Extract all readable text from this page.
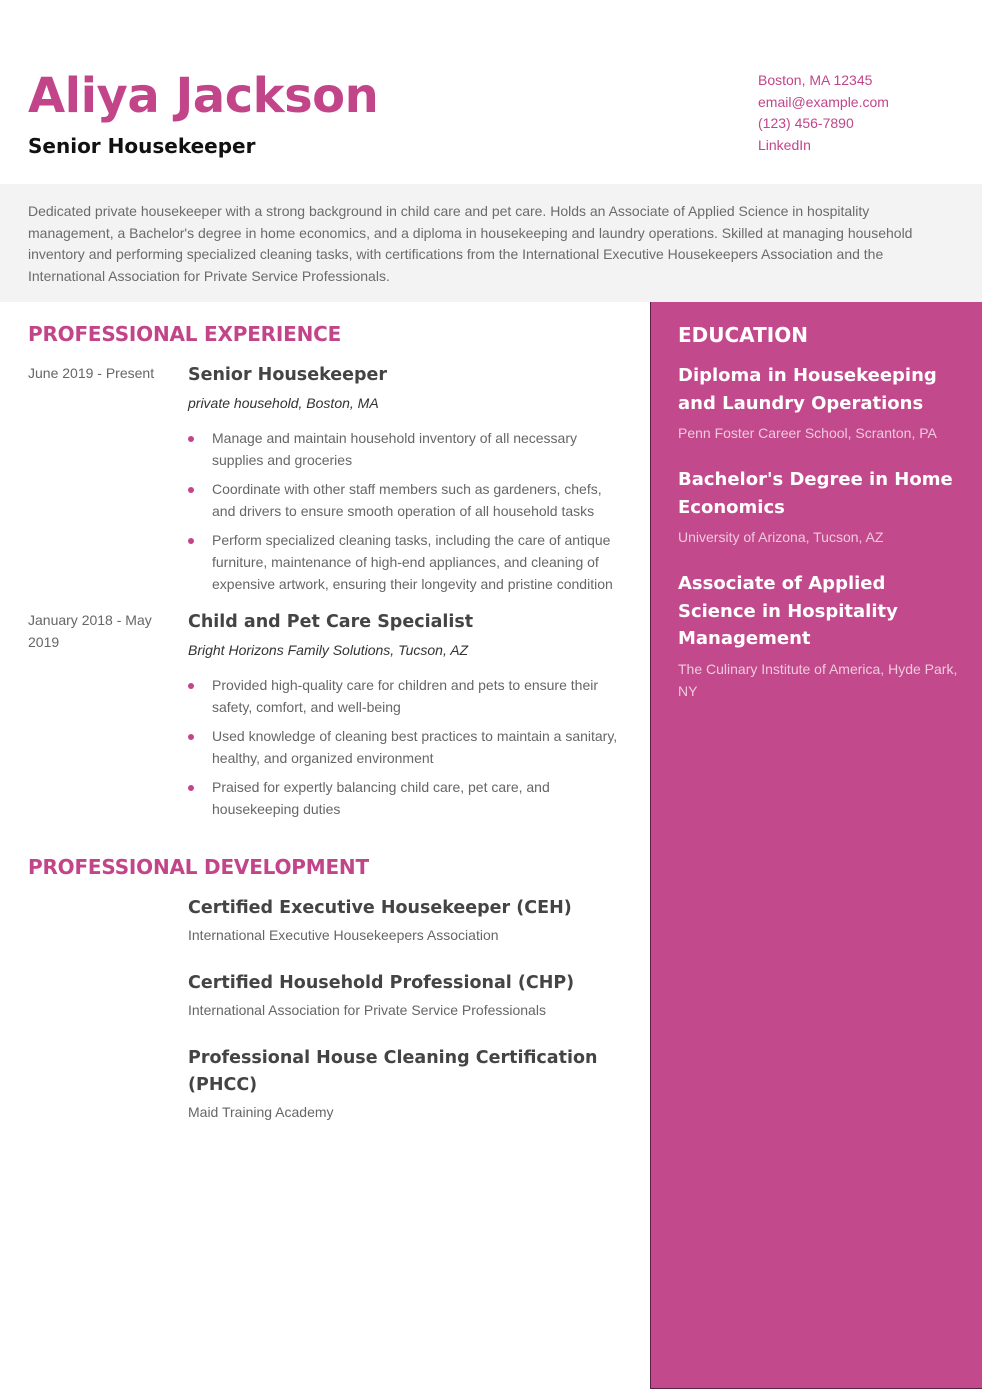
Aliya Jackson
Senior Housekeeper
Boston, MA 12345
email@example.com
(123) 456-7890
LinkedIn

Dedicated private housekeeper with a strong background in child care and pet care. Holds an Associate of Applied Science in hospitality management, a Bachelor's degree in home economics, and a diploma in housekeeping and laundry operations. Skilled at managing household inventory and performing specialized cleaning tasks, with certifications from the International Executive Housekeepers Association and the International Association for Private Service Professionals.

EDUCATION
Diploma in Housekeeping and Laundry Operations
Penn Foster Career School, Scranton, PA
Bachelor's Degree in Home Economics
University of Arizona, Tucson, AZ
Associate of Applied Science in Hospitality Management
The Culinary Institute of America, Hyde Park, NY
PROFESSIONAL EXPERIENCE
June 2019 - Present	Senior Housekeeper
private household, Boston, MA
Manage and maintain household inventory of all necessary supplies and groceries
Coordinate with other staff members such as gardeners, chefs, and drivers to ensure smooth operation of all household tasks
Perform specialized cleaning tasks, including the care of antique furniture, maintenance of high-end appliances, and cleaning of expensive artwork, ensuring their longevity and pristine condition
January 2018 - May 2019
Child and Pet Care Specialist
Bright Horizons Family Solutions, Tucson, AZ
Provided high-quality care for children and pets to ensure their safety, comfort, and well-being
Used knowledge of cleaning best practices to maintain a sanitary, healthy, and organized environment
Praised for expertly balancing child care, pet care, and housekeeping duties
PROFESSIONAL DEVELOPMENT
Certified Executive Housekeeper (CEH)
International Executive Housekeepers Association
Certified Household Professional (CHP)
International Association for Private Service Professionals
Professional House Cleaning Certification (PHCC)
Maid Training Academy
